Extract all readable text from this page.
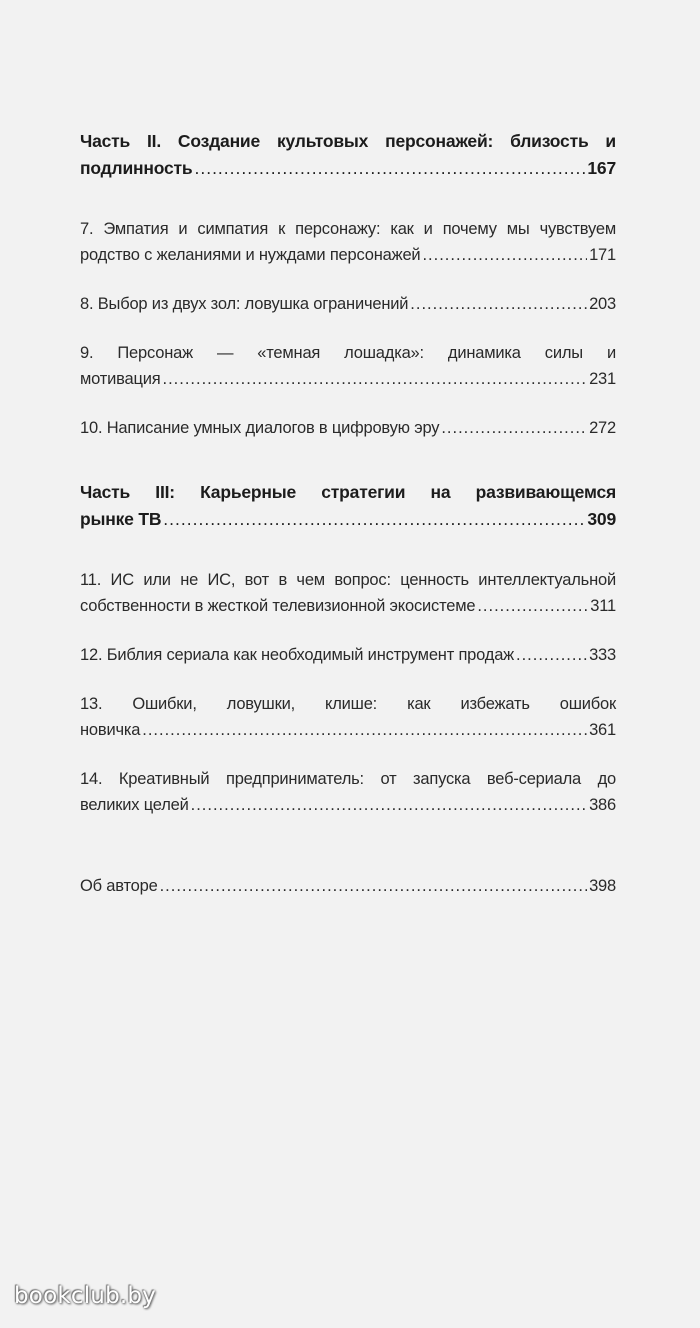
Часть II. Создание культовых персонажей: близость и
подлинность .....	167
7. Эмпатия и симпатия к персонажу: как и почему мы чувствуем
родство с желаниями и нуждами персонажей .....	171
8. Выбор из двух зол: ловушка ограничений .....	203
9. Персонаж — «темная лошадка»: динамика силы и
мотивация .....	231
10. Написание умных диалогов в цифровую эру .....	272
Часть III: Карьерные стратегии на развивающемся
рынке ТВ .....	309
11. ИС или не ИС, вот в чем вопрос: ценность интеллектуальной
собственности в жесткой телевизионной экосистеме .....	311
12. Библия сериала как необходимый инструмент продаж .....	333
13. Ошибки, ловушки, клише: как избежать ошибок
новичка .....	361
14. Креативный предприниматель: от запуска веб-сериала до
великих целей .....	386
Об авторе .....	398
bookclub.by
